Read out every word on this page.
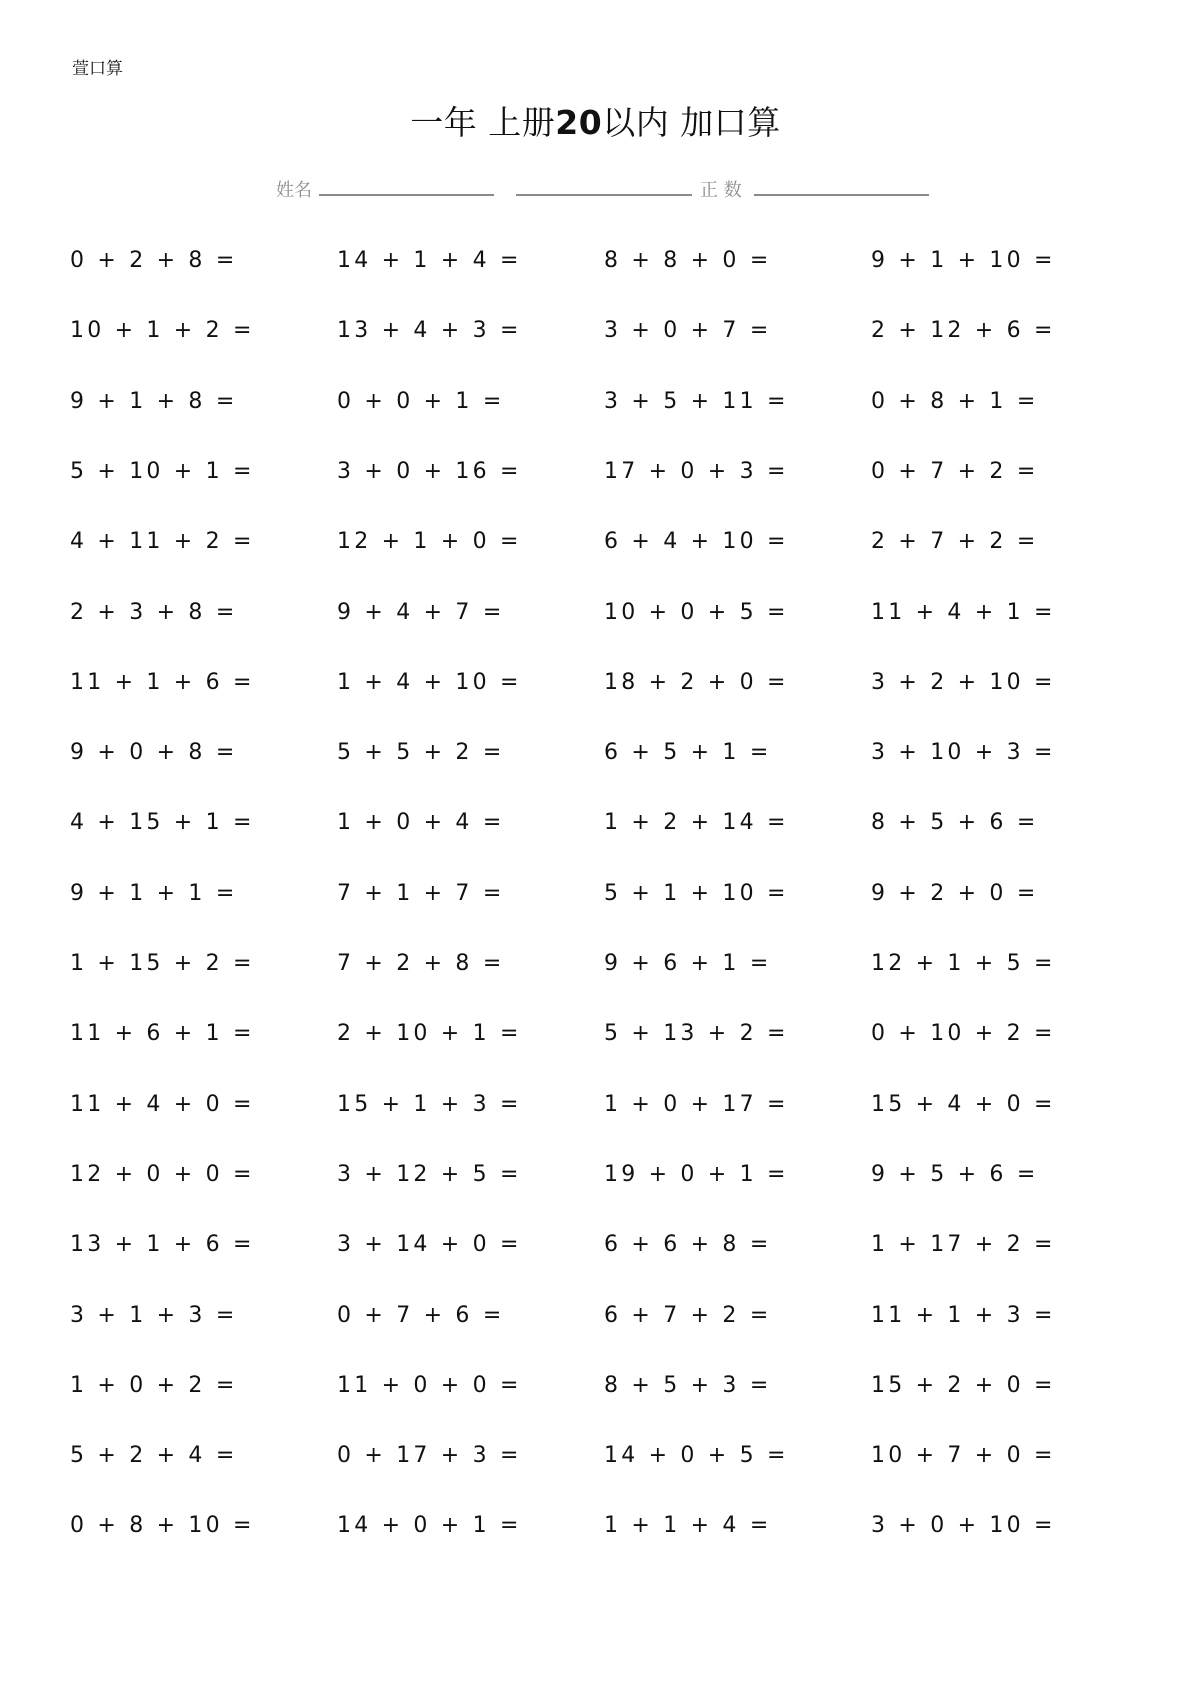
萱口算
一年 上册20以内 加口算
姓名	正 数
0 + 2 + 8 =
10 + 1 + 2 =
9 + 1 + 8 =
5 + 10 + 1 =
4 + 11 + 2 =
2 + 3 + 8 =
11 + 1 + 6 =
9 + 0 + 8 =
4 + 15 + 1 =
9 + 1 + 1 =
1 + 15 + 2 =
11 + 6 + 1 =
11 + 4 + 0 =
12 + 0 + 0 =
13 + 1 + 6 =
3 + 1 + 3 =
1 + 0 + 2 =
5 + 2 + 4 =
0 + 8 + 10 =
14 + 1 + 4 =
13 + 4 + 3 =
0 + 0 + 1 =
3 + 0 + 16 =
12 + 1 + 0 =
9 + 4 + 7 =
1 + 4 + 10 =
5 + 5 + 2 =
1 + 0 + 4 =
7 + 1 + 7 =
7 + 2 + 8 =
2 + 10 + 1 =
15 + 1 + 3 =
3 + 12 + 5 =
3 + 14 + 0 =
0 + 7 + 6 =
11 + 0 + 0 =
0 + 17 + 3 =
14 + 0 + 1 =
8 + 8 + 0 =
3 + 0 + 7 =
3 + 5 + 11 =
17 + 0 + 3 =
6 + 4 + 10 =
10 + 0 + 5 =
18 + 2 + 0 =
6 + 5 + 1 =
1 + 2 + 14 =
5 + 1 + 10 =
9 + 6 + 1 =
5 + 13 + 2 =
1 + 0 + 17 =
19 + 0 + 1 =
6 + 6 + 8 =
6 + 7 + 2 =
8 + 5 + 3 =
14 + 0 + 5 =
1 + 1 + 4 =
9 + 1 + 10 =
2 + 12 + 6 =
0 + 8 + 1 =
0 + 7 + 2 =
2 + 7 + 2 =
11 + 4 + 1 =
3 + 2 + 10 =
3 + 10 + 3 =
8 + 5 + 6 =
9 + 2 + 0 =
12 + 1 + 5 =
0 + 10 + 2 =
15 + 4 + 0 =
9 + 5 + 6 =
1 + 17 + 2 =
11 + 1 + 3 =
15 + 2 + 0 =
10 + 7 + 0 =
3 + 0 + 10 =
